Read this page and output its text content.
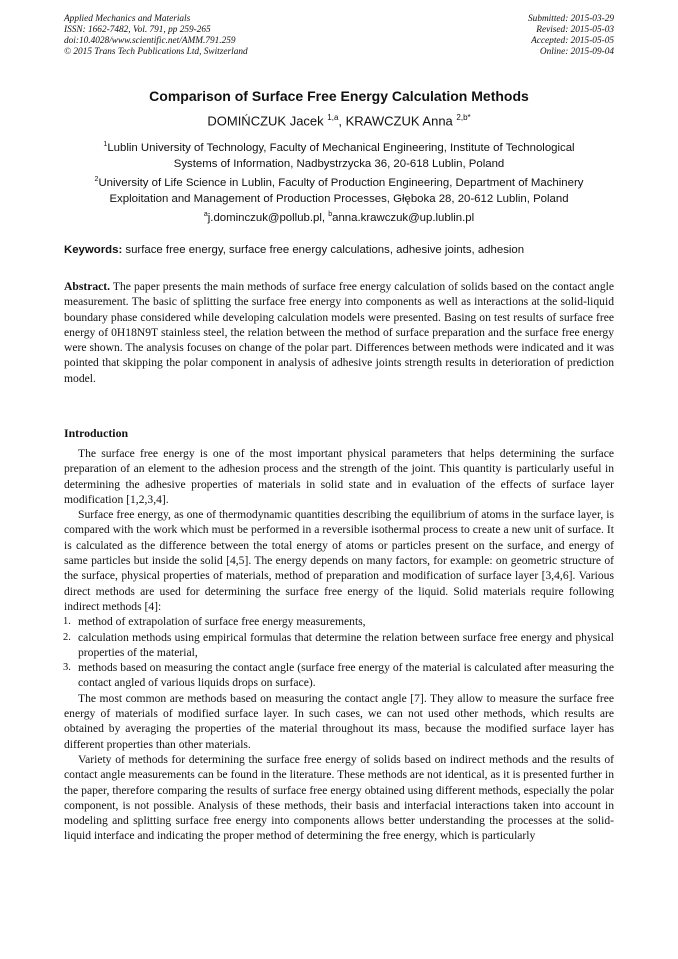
Applied Mechanics and Materials
ISSN: 1662-7482, Vol. 791, pp 259-265
doi:10.4028/www.scientific.net/AMM.791.259
© 2015 Trans Tech Publications Ltd, Switzerland
Submitted: 2015-03-29
Revised: 2015-05-03
Accepted: 2015-05-05
Online: 2015-09-04
Comparison of Surface Free Energy Calculation Methods
DOMIŃCZUK Jacek $^{1,a}$, KRAWCZUK Anna $^{2,b*}$
$^1$Lublin University of Technology, Faculty of Mechanical Engineering, Institute of Technological
Systems of Information, Nadbystrzycka 36, 20-618 Lublin, Poland
$^2$University of Life Science in Lublin, Faculty of Production Engineering, Department of Machinery
Exploitation and Management of Production Processes, Głęboka 28, 20-612 Lublin, Poland
$^a$j.dominczuk@pollub.pl, $^b$anna.krawczuk@up.lublin.pl
Keywords: surface free energy, surface free energy calculations, adhesive joints, adhesion

Abstract. The paper presents the main methods of surface free energy calculation of solids based on the contact angle measurement. The basic of splitting the surface free energy into components as well as interactions at the solid-liquid boundary phase considered while developing calculation models were presented. Basing on test results of surface free energy of 0H18N9T stainless steel, the relation between the method of surface preparation and the surface free energy were shown. The analysis focuses on change of the polar part. Differences between methods were indicated and it was pointed that skipping the polar component in analysis of adhesive joints strength results in deterioration of prediction model.

Introduction

The surface free energy is one of the most important physical parameters that helps determining the surface preparation of an element to the adhesion process and the strength of the joint. This quantity is particularly useful in determining the adhesive properties of materials in solid state and in evaluation of the effects of surface layer modification [1,2,3,4].

Surface free energy, as one of thermodynamic quantities describing the equilibrium of atoms in the surface layer, is compared with the work which must be performed in a reversible isothermal process to create a new unit of surface. It is calculated as the difference between the total energy of atoms or particles present on the surface, and energy of same particles but inside the solid [4,5]. The energy depends on many factors, for example: on geometric structure of the surface, physical properties of materials, method of preparation and modification of surface layer [3,4,6]. Various direct methods are used for determining the surface free energy of the liquid. Solid materials require following indirect methods [4]:

1. method of extrapolation of surface free energy measurements,
2. calculation methods using empirical formulas that determine the relation between surface free energy and physical properties of the material,
3. methods based on measuring the contact angle (surface free energy of the material is calculated after measuring the contact angled of various liquids drops on surface).

The most common are methods based on measuring the contact angle [7]. They allow to measure the surface free energy of materials of modified surface layer. In such cases, we can not used other methods, which results are obtained by averaging the properties of the material throughout its mass, because the modified surface layer has different properties than other materials.

Variety of methods for determining the surface free energy of solids based on indirect methods and the results of contact angle measurements can be found in the literature. These methods are not identical, as it is presented further in the paper, therefore comparing the results of surface free energy obtained using different methods, especially the polar component, is not possible. Analysis of these methods, their basis and interfacial interactions taken into account in modeling and splitting surface free energy into components allows better understanding the processes at the solid-liquid interface and indicating the proper method of determining the free energy, which is particularly
